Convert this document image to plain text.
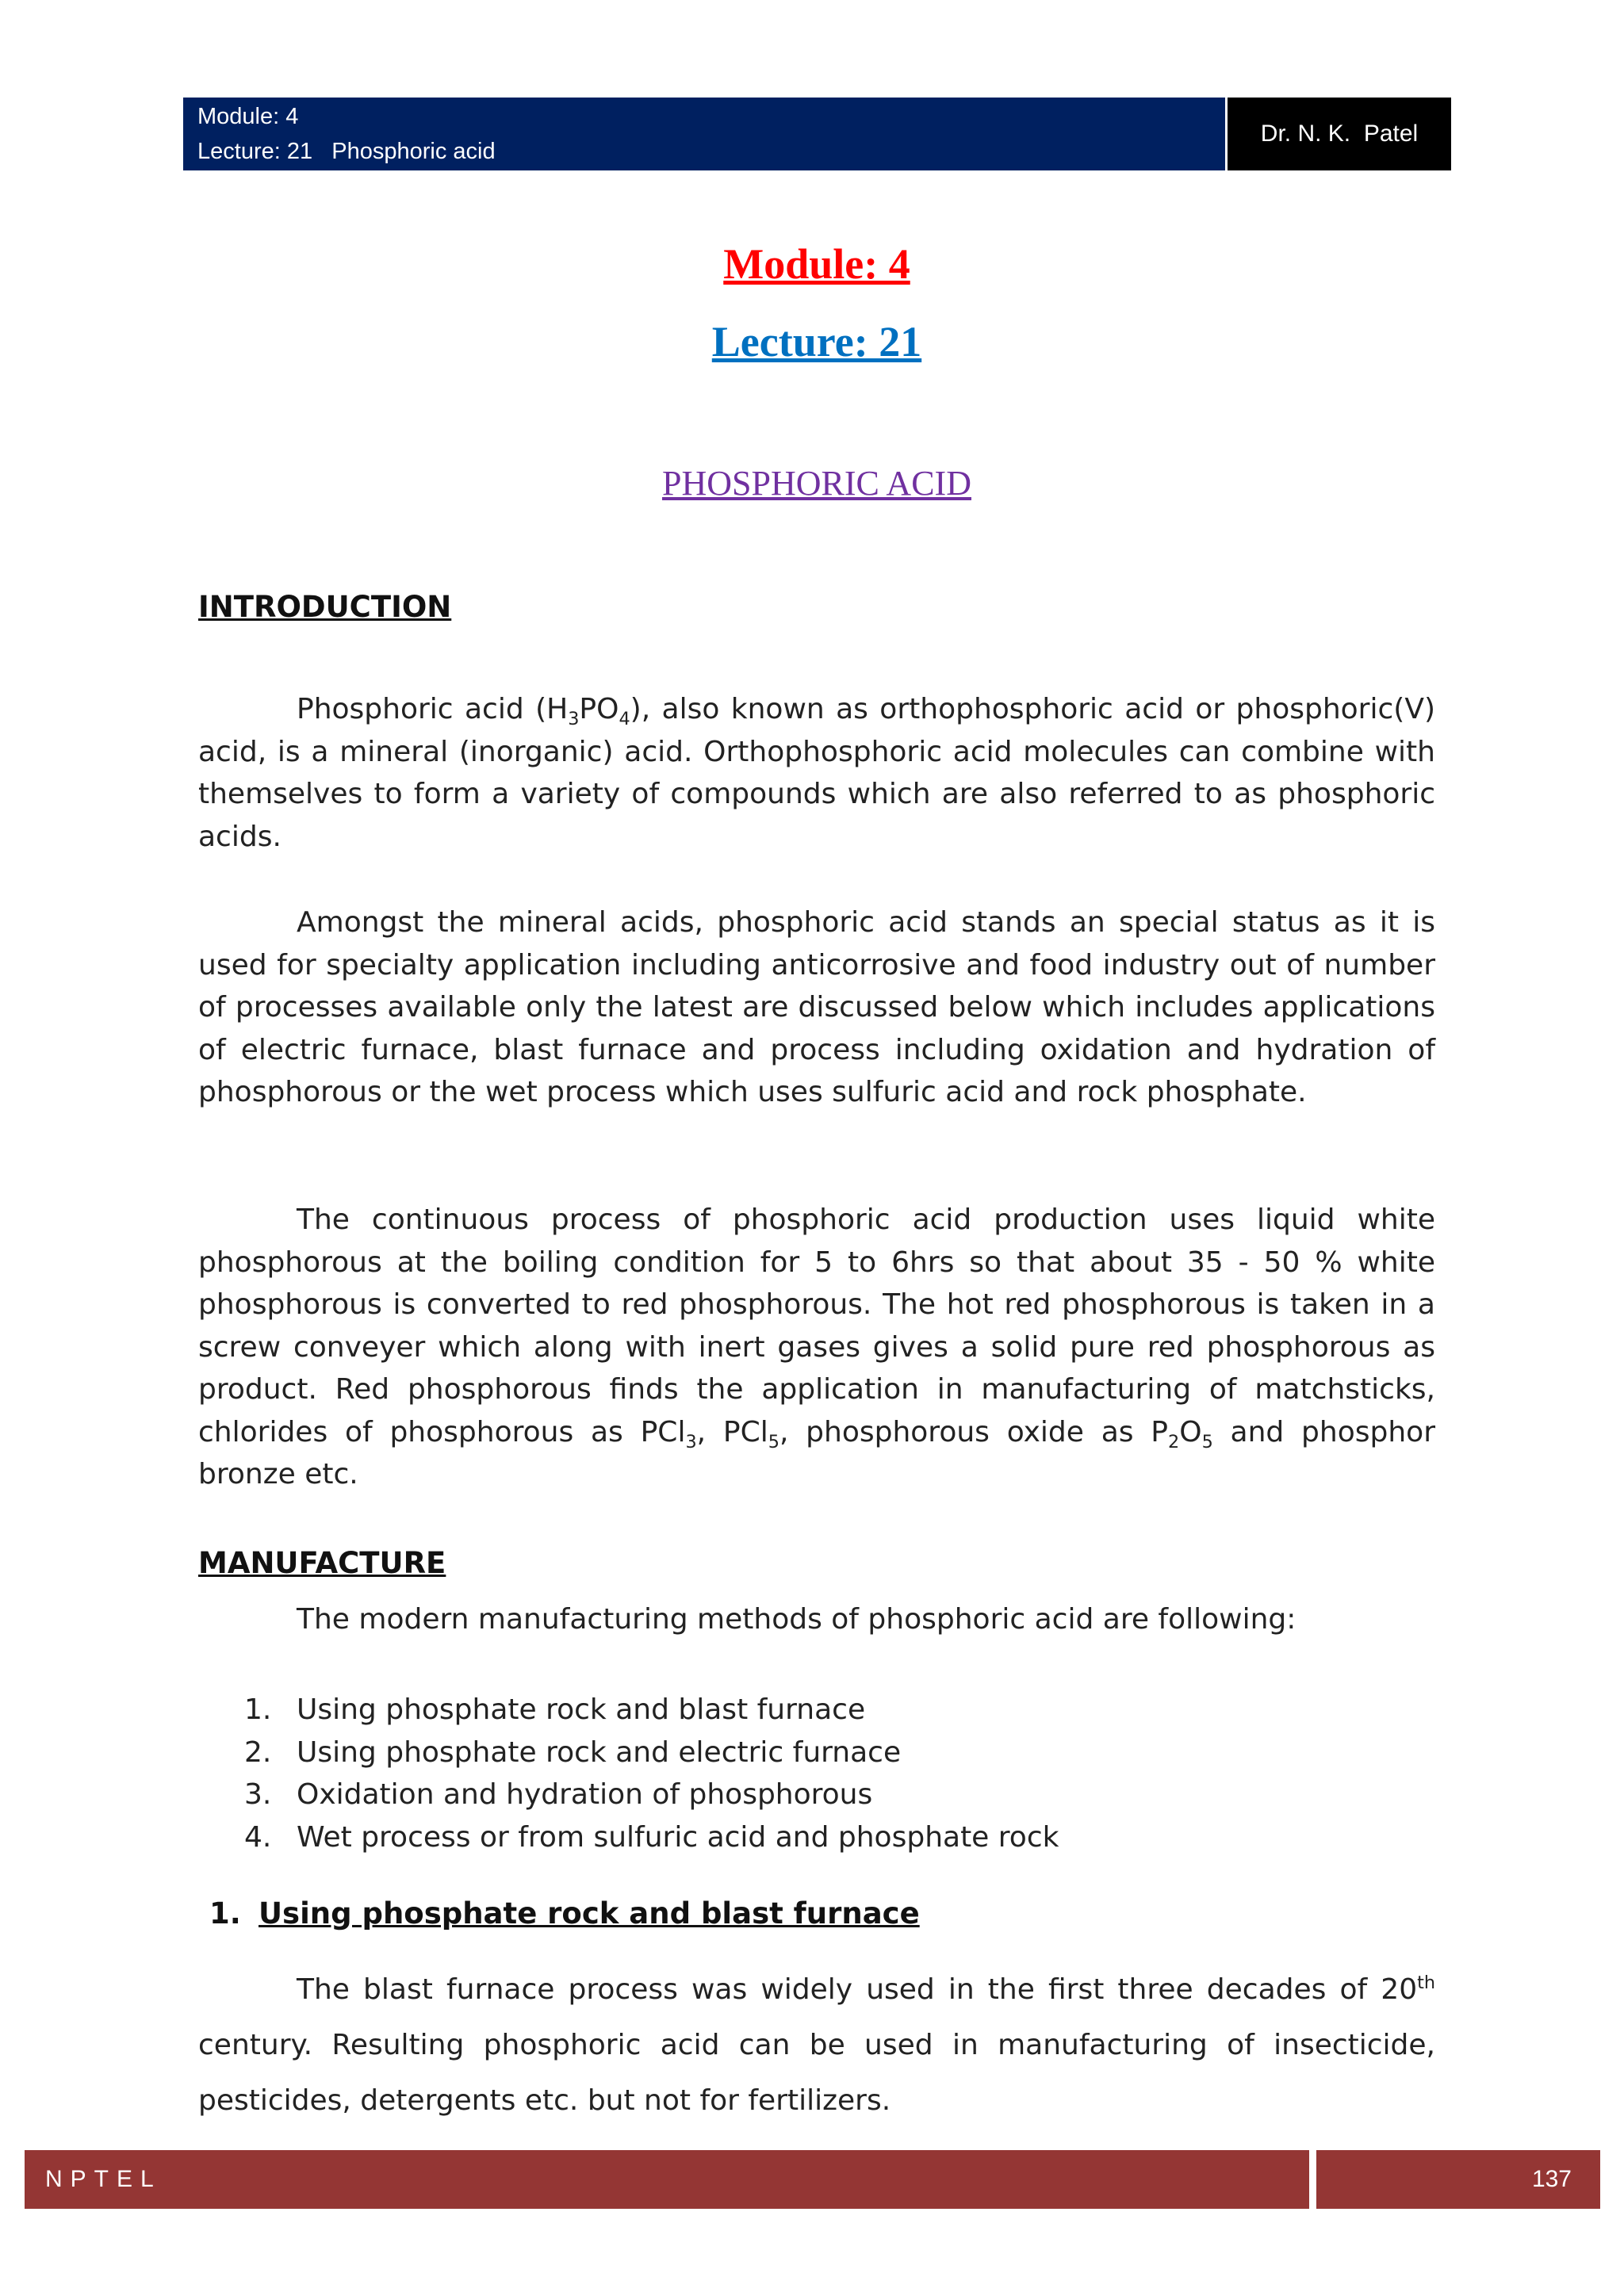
Module: 4
Lecture: 21   Phosphoric acid
Dr. N. K.  Patel
Module: 4
Lecture: 21
PHOSPHORIC ACID
INTRODUCTION

Phosphoric acid $(H_3PO_4)$, also known as orthophosphoric acid or phosphoric(V) acid, is a mineral (inorganic) acid. Orthophosphoric acid molecules can combine with themselves to form a variety of compounds which are also referred to as phosphoric acids.

Amongst the mineral acids, phosphoric acid stands an special status as it is used for specialty application including anticorrosive and food industry out of number of processes available only the latest are discussed below which includes applications of electric furnace, blast furnace and process including oxidation and hydration of phosphorous or the wet process which uses sulfuric acid and rock phosphate.

The continuous process of phosphoric acid production uses liquid white phosphorous at the boiling condition for 5 to 6hrs so that about 35 - 50 % white phosphorous is converted to red phosphorous. The hot red phosphorous is taken in a screw conveyer which along with inert gases gives a solid pure red phosphorous as product. Red phosphorous finds the application in manufacturing of matchsticks, chlorides of phosphorous as PCl$_3$, PCl$_5$, phosphorous oxide as $P_2O_5$ and phosphor bronze etc.

MANUFACTURE
The modern manufacturing methods of phosphoric acid are following:
1. Using phosphate rock and blast furnace
2. Using phosphate rock and electric furnace
3. Oxidation and hydration of phosphorous
4. Wet process or from sulfuric acid and phosphate rock
1. Using phosphate rock and blast furnace

The blast furnace process was widely used in the first three decades of 20th century. Resulting phosphoric acid can be used in manufacturing of insecticide, pesticides, detergents etc. but not for fertilizers.

NPTEL	137
